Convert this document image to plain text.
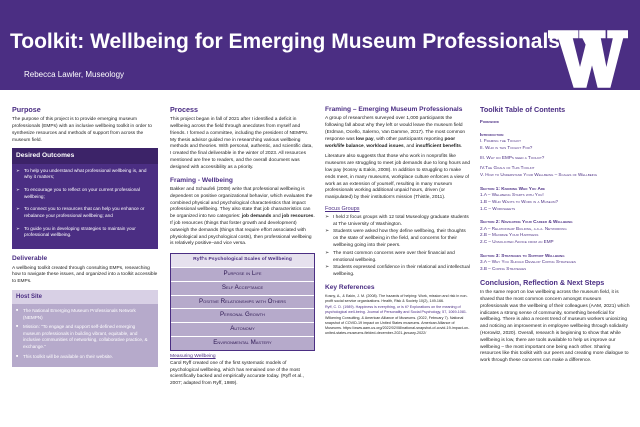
Toolkit: Wellbeing for Emerging Museum Professionals
Rebecca Lawler, Museology
Purpose
The purpose of this project is to provide emerging museum professionals (EMPs) with an inclusive wellbeing toolkit in order to synthesize resources and methods of support from across the museum field.
Desired Outcomes
➢ To help you understand what professional wellbeing is, and why it matters;
➢ To encourage you to reflect on your current professional wellbeing;
➢ To connect you to resources that can help you enhance or rebalance your professional wellbeing; and
➢ To guide you in developing strategies to maintain your professional wellbeing.
Deliverable
A wellbeing toolkit created through consulting EMPs, researching how to navigate these issues, and organized into a toolkit accessible to EMPs.
Host Site
■ The National Emerging Museum Professionals Network (NEMPN)
■ Mission: "To engage and support self-defined emerging museum professionals in building vibrant, equitable, and inclusive communities of networking, collaborative practice, & exchange."
■ This toolkit will be available on their website.
Process
This project began in fall of 2021 after I identified a deficit in wellbeing across the field through anecdotes from myself and friends. I formed a committee, including the president of NEMPN. My thesis advisor guided me in researching various wellbeing methods and theories. With personal, authentic, and scientific data, I created the final deliverable in the winter of 2023. All resources mentioned are free to readers, and the overall document was designed with accessibility as a priority.
Framing - Wellbeing
Bakker and Schaufeli (2008) write that professional wellbeing is dependent on positive organizational behavior, which evaluates the combined physical and psychological characteristics that impact professional wellbeing. They also state that job characteristics can be organized into two categories: job demands and job resources. If job resources (things that foster growth and development) outweigh the demands (things that require effort associated with physiological and psychological costs), then professional wellbeing is relatively positive–and vice versa.
Ryff's Psychological Scales of Wellbeing
Purpose in Life
Self Acceptance
Positive Relationships with Others
Personal Growth
Autonomy
Environmental Mastery
Measuring Wellbeing
Carol Ryff created one of the first systematic models of psychological wellbeing, which has remained one of the most scientifically backed and empirically accurate today. (Ryff et al., 2007; adapted from Ryff, 1989).
Framing – Emerging Museum Professionals
A group of researchers surveyed over 1,000 participants the following fall about why they left or would leave the museum field (Erdman, Ocello, Salerno, Van Damme, 2017). The most common response was low pay, with other participants reporting poor work/life balance, workload issues, and insufficient benefits.
Literature also suggests that those who work in nonprofits like museums are struggling to meet job demands due to long hours and low pay (Kosny & Eakin, 2008). In addition to struggling to make ends meet, in many museums, workplace culture enforces a view of work as an extension of yourself, resulting in many museum professionals working additional unpaid hours, driven (or manipulated) by their institution's mission (Thistle, 2011).
Focus Groups
➢ I held 2 focus groups with 12 total Museology graduate students at The University of Washington.
➢ Students were asked how they define wellbeing, their thoughts on the state of wellbeing in the field, and concerns for their wellbeing going into their peers.
➢ The most common concerns were over their financial and emotional wellbeing.
➢ Students expressed confidence in their relational and intellectual wellbeing.
Key References

Kosny, A., & Eakin, J. M. (2008). The hazards of helping: Work, mission and risk in non-profit social service organizations. Health, Risk & Society 10(2), 149-166.

Ryff, C. D. (1989). Happiness is everything, or is it? Explorations on the meaning of psychological well-being. Journal of Personality and Social Psychology, 57, 1069-1081.

Wilkening Consulting, & American Alliance of Museums. (2022, February 7). National snapshot of COVID-19 impact on United States museums. American Alliance of Museums. https://www.aam-us.org/2022/02/08/national-snapshot-of-covid-19-impact-on-united-states-museums-fielded-december-2021-january-2022/

Toolkit Table of Contents
Foreword
Introduction
I. Framing the Toolkit
II. Who is this Toolkit For?
III. Why do EMPs need a Toolkit?
IV.The Goals of This Toolkit
V. How to Understand Your Wellbeing – Scales of Wellbeing
Section 1: Knowing Who You Are
1.A – Wellbeing Starts with You!
1.B – Who Wants to Work in a Museum?
1.C – Worksheets
Section 2: Navigating Your Career & Wellbeing
2.A – Relationship Building, a.k.a. Networking
2.B – Maximize Your Happiness
2.C – Unsolicited Advice from an EMP
Section 3: Strategies to Support Wellbeing
3.A – Why You Should Develop Coping Strategies
3.B – Coping Strategies
Conclusion, Reflection & Next Steps
In the same report on low wellbeing across the museum field, it is shared that the most common concern amongst museum professionals was the wellbeing of their colleagues (AAM, 2021) which indicates a strong sense of community, something beneficial for wellbeing. There is also a recent trend of museum workers unionizing and noticing an improvement in employee wellbeing through solidarity (Horowitz, 2020). Overall, research is beginning to show that while wellbeing is low, there are tools available to help us improve our wellbeing – the most important one being each other. Sharing resources like this toolkit with our peers and creating more dialogue to work through these concerns can make a difference.
